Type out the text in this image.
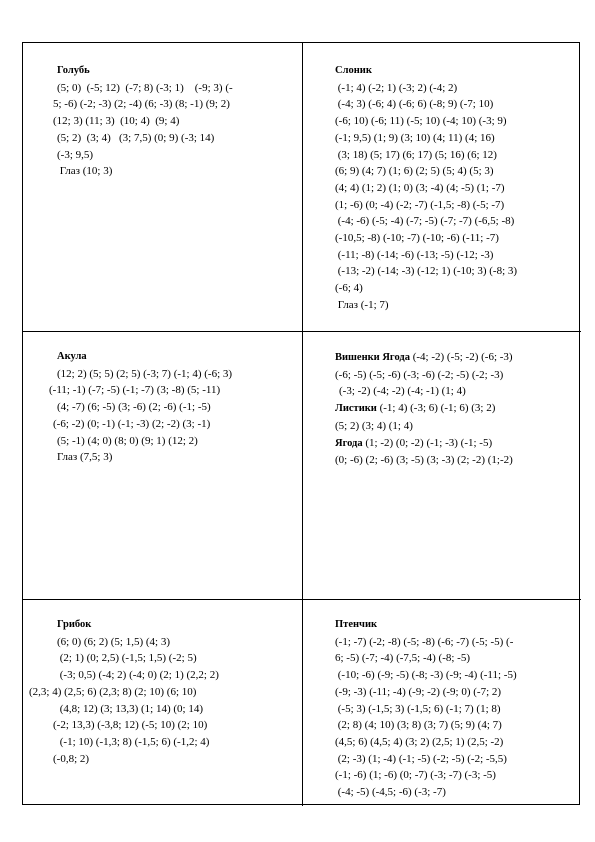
Голубь
(5; 0)  (-5; 12)  (-7; 8) (-3; 1)    (-9; 3) (-
5; -6) (-2; -3) (2; -4) (6; -3) (8; -1) (9; 2)
(12; 3) (11; 3)  (10; 4)  (9; 4)
(5; 2)  (3; 4)   (3; 7,5) (0; 9) (-3; 14)
(-3; 9,5)
Глаз (10; 3)
Слоник
(-1; 4) (-2; 1) (-3; 2) (-4; 2)
(-4; 3) (-6; 4) (-6; 6) (-8; 9) (-7; 10)
(-6; 10) (-6; 11) (-5; 10) (-4; 10) (-3; 9)
(-1; 9,5) (1; 9) (3; 10) (4; 11) (4; 16)
(3; 18) (5; 17) (6; 17) (5; 16) (6; 12)
(6; 9) (4; 7) (1; 6) (2; 5) (5; 4) (5; 3)
(4; 4) (1; 2) (1; 0) (3; -4) (4; -5) (1; -7)
(1; -6) (0; -4) (-2; -7) (-1,5; -8) (-5; -7)
(-4; -6) (-5; -4) (-7; -5) (-7; -7) (-6,5; -8)
(-10,5; -8) (-10; -7) (-10; -6) (-11; -7)
(-11; -8) (-14; -6) (-13; -5) (-12; -3)
(-13; -2) (-14; -3) (-12; 1) (-10; 3) (-8; 3)
(-6; 4)
Глаз (-1; 7)
Акула
(12; 2) (5; 5) (2; 5) (-3; 7) (-1; 4) (-6; 3)
(-11; -1) (-7; -5) (-1; -7) (3; -8) (5; -11)
(4; -7) (6; -5) (3; -6) (2; -6) (-1; -5)
(-6; -2) (0; -1) (-1; -3) (2; -2) (3; -1)
(5; -1) (4; 0) (8; 0) (9; 1) (12; 2)
Глаз (7,5; 3)
Вишенки Ягода (-4; -2) (-5; -2) (-6; -3)
(-6; -5) (-5; -6) (-3; -6) (-2; -5) (-2; -3)
(-3; -2) (-4; -2) (-4; -1) (1; 4)
Листики (-1; 4) (-3; 6) (-1; 6) (3; 2)
(5; 2) (3; 4) (1; 4)
Ягода (1; -2) (0; -2) (-1; -3) (-1; -5)
(0; -6) (2; -6) (3; -5) (3; -3) (2; -2) (1;-2)
Грибок
(6; 0) (6; 2) (5; 1,5) (4; 3)
(2; 1) (0; 2,5) (-1,5; 1,5) (-2; 5)
(-3; 0,5) (-4; 2) (-4; 0) (2; 1) (2,2; 2)
(2,3; 4) (2,5; 6) (2,3; 8) (2; 10) (6; 10)
(4,8; 12) (3; 13,3) (1; 14) (0; 14)
(-2; 13,3) (-3,8; 12) (-5; 10) (2; 10)
(-1; 10) (-1,3; 8) (-1,5; 6) (-1,2; 4)
(-0,8; 2)
Птенчик
(-1; -7) (-2; -8) (-5; -8) (-6; -7) (-5; -5) (-
6; -5) (-7; -4) (-7,5; -4) (-8; -5)
(-10; -6) (-9; -5) (-8; -3) (-9; -4) (-11; -5)
(-9; -3) (-11; -4) (-9; -2) (-9; 0) (-7; 2)
(-5; 3) (-1,5; 3) (-1,5; 6) (-1; 7) (1; 8)
(2; 8) (4; 10) (3; 8) (3; 7) (5; 9) (4; 7)
(4,5; 6) (4,5; 4) (3; 2) (2,5; 1) (2,5; -2)
(2; -3) (1; -4) (-1; -5) (-2; -5) (-2; -5,5)
(-1; -6) (1; -6) (0; -7) (-3; -7) (-3; -5)
(-4; -5) (-4,5; -6) (-3; -7)
